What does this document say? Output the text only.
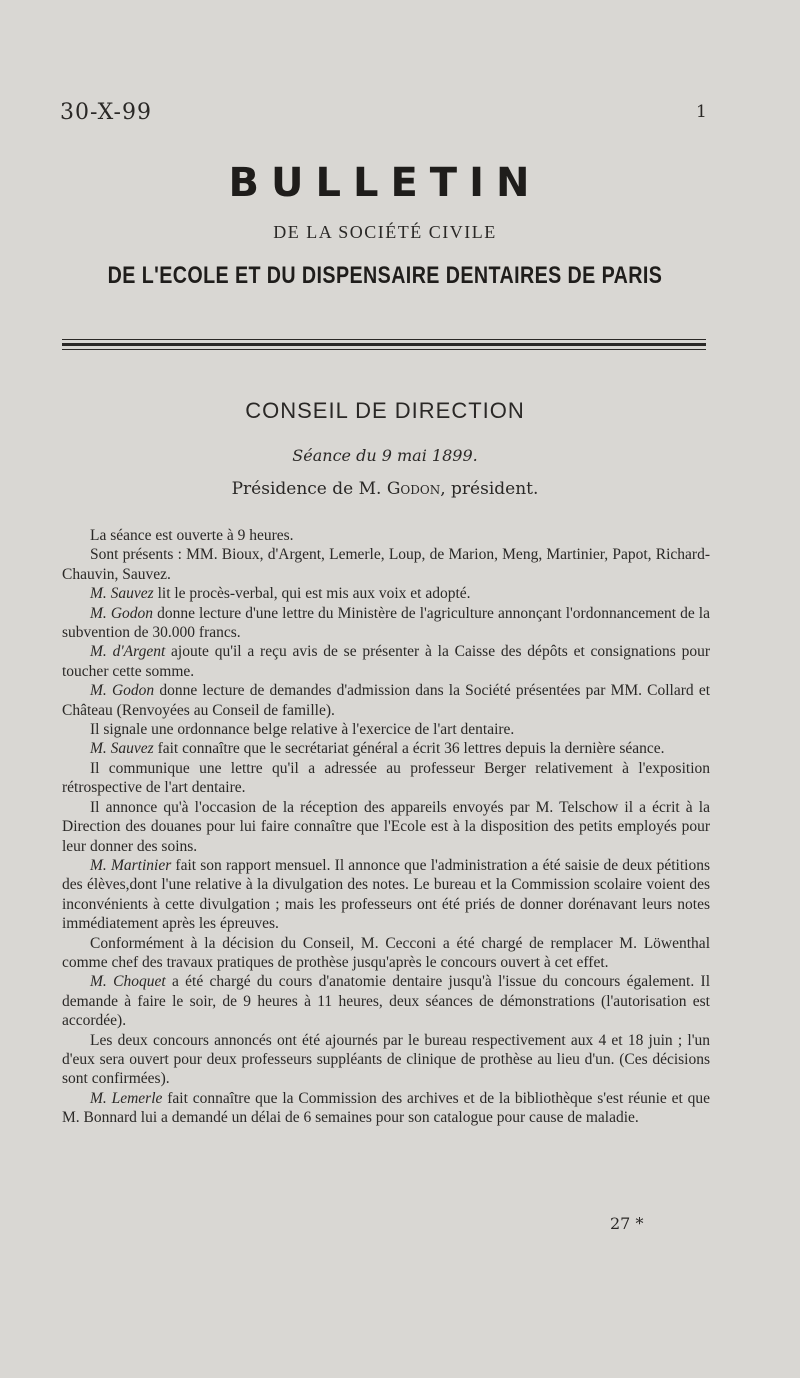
30-X-99	1
BULLETIN
DE LA SOCIÉTÉ CIVILE
DE L'ECOLE ET DU DISPENSAIRE DENTAIRES DE PARIS
CONSEIL DE DIRECTION
Séance du 9 mai 1899.
Présidence de M. Godon, président.

La séance est ouverte à 9 heures.

Sont présents : MM. Bioux, d'Argent, Lemerle, Loup, de Marion, Meng, Martinier, Papot, Richard-Chauvin, Sauvez.

M. Sauvez lit le procès-verbal, qui est mis aux voix et adopté.

M. Godon donne lecture d'une lettre du Ministère de l'agriculture annonçant l'ordonnancement de la subvention de 30.000 francs.

M. d'Argent ajoute qu'il a reçu avis de se présenter à la Caisse des dépôts et consignations pour toucher cette somme.

M. Godon donne lecture de demandes d'admission dans la Société présentées par MM. Collard et Château (Renvoyées au Conseil de famille).

Il signale une ordonnance belge relative à l'exercice de l'art dentaire.

M. Sauvez fait connaître que le secrétariat général a écrit 36 lettres depuis la dernière séance.

Il communique une lettre qu'il a adressée au professeur Berger relativement à l'exposition rétrospective de l'art dentaire.

Il annonce qu'à l'occasion de la réception des appareils envoyés par M. Telschow il a écrit à la Direction des douanes pour lui faire connaître que l'Ecole est à la disposition des petits employés pour leur donner des soins.

M. Martinier fait son rapport mensuel. Il annonce que l'administration a été saisie de deux pétitions des élèves,dont l'une relative à la divulgation des notes. Le bureau et la Commission scolaire voient des inconvénients à cette divulgation ; mais les professeurs ont été priés de donner dorénavant leurs notes immédiatement après les épreuves.

Conformément à la décision du Conseil, M. Cecconi a été chargé de remplacer M. Löwenthal comme chef des travaux pratiques de prothèse jusqu'après le concours ouvert à cet effet.

M. Choquet a été chargé du cours d'anatomie dentaire jusqu'à l'issue du concours également. Il demande à faire le soir, de 9 heures à 11 heures, deux séances de démonstrations (l'autorisation est accordée).

Les deux concours annoncés ont été ajournés par le bureau respectivement aux 4 et 18 juin ; l'un d'eux sera ouvert pour deux professeurs suppléants de clinique de prothèse au lieu d'un. (Ces décisions sont confirmées).

M. Lemerle fait connaître que la Commission des archives et de la bibliothèque s'est réunie et que M. Bonnard lui a demandé un délai de 6 semaines pour son catalogue pour cause de maladie.

27 *
